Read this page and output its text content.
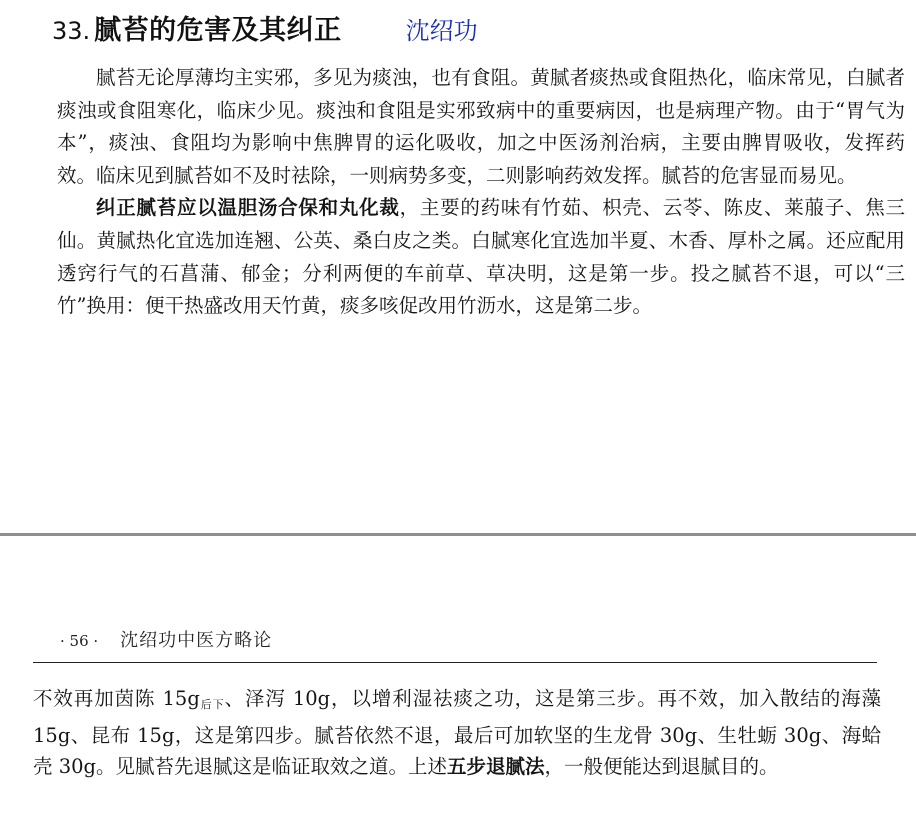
33. 腻苔的危害及其纠正	沈绍功

腻苔无论厚薄均主实邪，多见为痰浊，也有食阻。黄腻者痰热或食阻热化，临床常见，白腻者痰浊或食阻寒化，临床少见。痰浊和食阻是实邪致病中的重要病因，也是病理产物。由于“胃气为本”，痰浊、食阻均为影响中焦脾胃的运化吸收，加之中医汤剂治病，主要由脾胃吸收，发挥药效。临床见到腻苔如不及时祛除，一则病势多变，二则影响药效发挥。腻苔的危害显而易见。

纠正腻苔应以温胆汤合保和丸化裁，主要的药味有竹茹、枳壳、云苓、陈皮、莱菔子、焦三仙。黄腻热化宜选加连翘、公英、桑白皮之类。白腻寒化宜选加半夏、木香、厚朴之属。还应配用透窍行气的石菖蒲、郁金；分利两便的车前草、草决明，这是第一步。投之腻苔不退，可以“三竹”换用：便干热盛改用天竹黄，痰多咳促改用竹沥水，这是第二步。

· 56 · 沈绍功中医方略论

不效再加茵陈 $15g_{后下}$、泽泻 10g，以增利湿祛痰之功，这是第三步。再不效，加入散结的海藻 15g、昆布 15g，这是第四步。腻苔依然不退，最后可加软坚的生龙骨 30g、生牡蛎 30g、海蛤壳 30g。见腻苔先退腻这是临证取效之道。上述五步退腻法，一般便能达到退腻目的。
